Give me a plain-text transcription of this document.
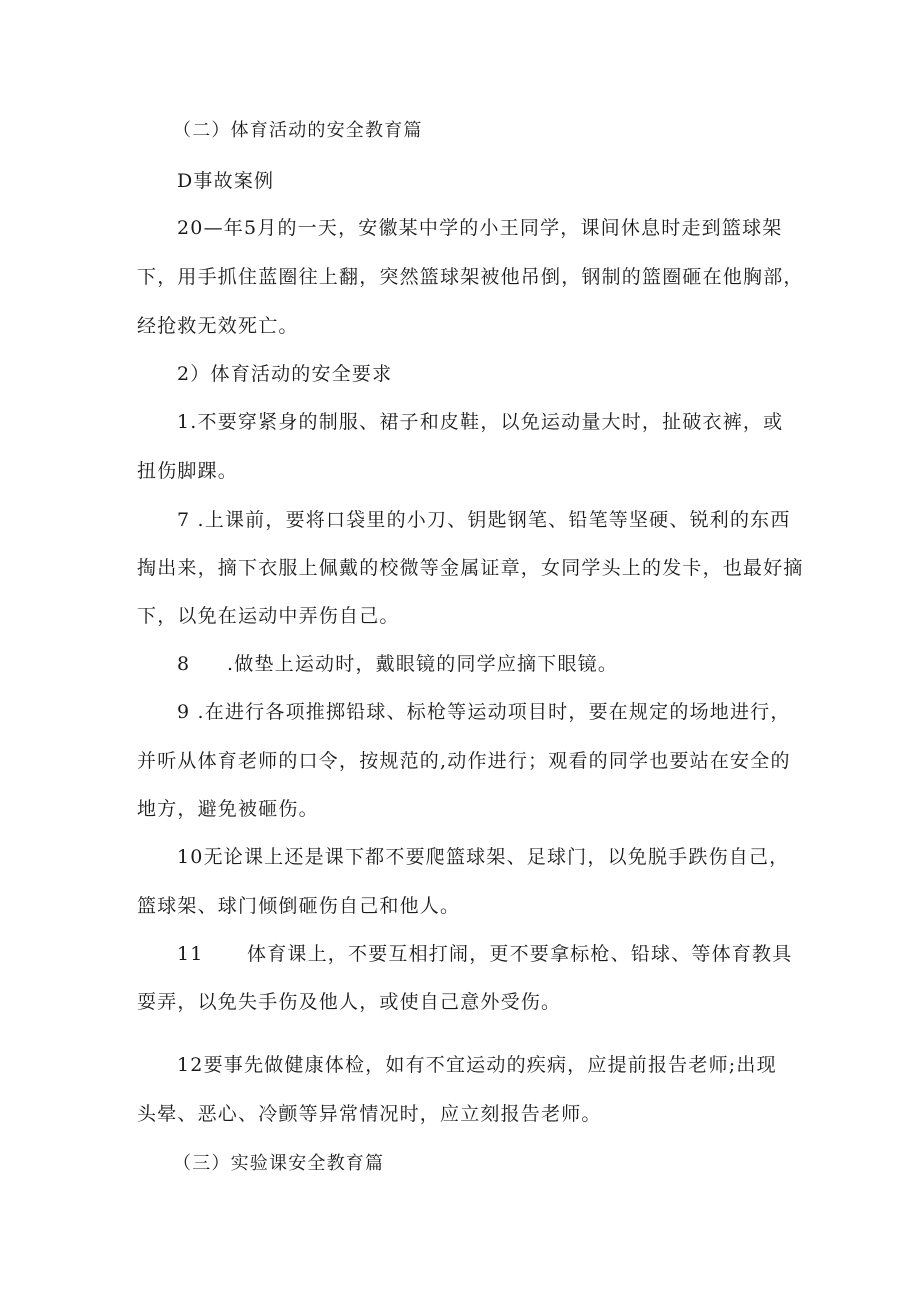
（二）体育活动的安全教育篇
D事故案例
20—年5月的一天，安徽某中学的小王同学，课间休息时走到篮球架
下，用手抓住蓝圈往上翻，突然篮球架被他吊倒，钢制的篮圈砸在他胸部，
经抢救无效死亡。
2）体育活动的安全要求
1.不要穿紧身的制服、裙子和皮鞋，以免运动量大时，扯破衣裤，或
扭伤脚踝。
7 .上课前，要将口袋里的小刀、钥匙钢笔、铅笔等坚硬、锐利的东西
掏出来，摘下衣服上佩戴的校微等金属证章，女同学头上的发卡，也最好摘
下，以免在运动中弄伤自己。
8 .做垫上运动时，戴眼镜的同学应摘下眼镜。
9 .在进行各项推掷铅球、标枪等运动项目时，要在规定的场地进行，
并听从体育老师的口令，按规范的,动作进行；观看的同学也要站在安全的
地方，避免被砸伤。
10无论课上还是课下都不要爬篮球架、足球门，以免脱手跌伤自己，
篮球架、球门倾倒砸伤自己和他人。
11 体育课上，不要互相打闹，更不要拿标枪、铅球、等体育教具
耍弄，以免失手伤及他人，或使自己意外受伤。
12要事先做健康体检，如有不宜运动的疾病，应提前报告老师;出现
头晕、恶心、冷颤等异常情况时，应立刻报告老师。
（三）实验课安全教育篇
